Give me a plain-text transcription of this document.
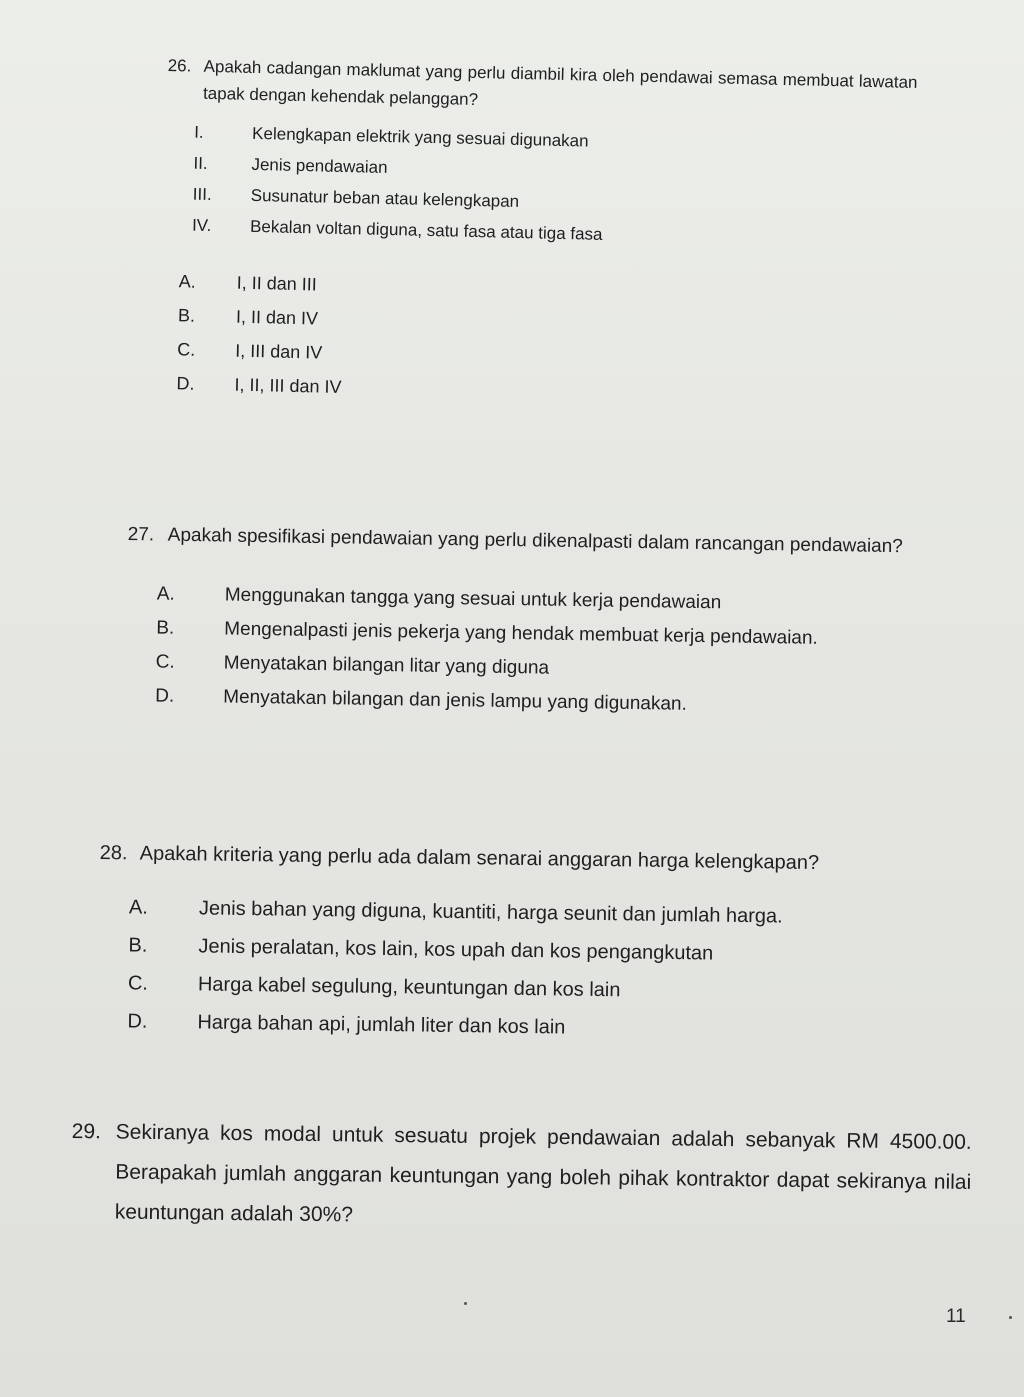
26. Apakah cadangan maklumat yang perlu diambil kira oleh pendawai semasa membuat lawatan tapak dengan kehendak pelanggan?
I.	Kelengkapan elektrik yang sesuai digunakan
II.	Jenis pendawaian
III.	Susunatur beban atau kelengkapan
IV.	Bekalan voltan diguna, satu fasa atau tiga fasa
A.	I, II dan III
B.	I, II dan IV
C.	I, III dan IV
D.	I, II, III dan IV
27. Apakah spesifikasi pendawaian yang perlu dikenalpasti dalam rancangan pendawaian?
A.	Menggunakan tangga yang sesuai untuk kerja pendawaian
B.	Mengenalpasti jenis pekerja yang hendak membuat kerja pendawaian.
C.	Menyatakan bilangan litar yang diguna
D.	Menyatakan bilangan dan jenis lampu yang digunakan.
28. Apakah kriteria yang perlu ada dalam senarai anggaran harga kelengkapan?
A.	Jenis bahan yang diguna, kuantiti, harga seunit dan jumlah harga.
B.	Jenis peralatan, kos lain, kos upah dan kos pengangkutan
C.	Harga kabel segulung, keuntungan dan kos lain
D.	Harga bahan api, jumlah liter dan kos lain
29. Sekiranya kos modal untuk sesuatu projek pendawaian adalah sebanyak RM 4500.00. Berapakah jumlah anggaran keuntungan yang boleh pihak kontraktor dapat sekiranya nilai keuntungan adalah 30%?
11
